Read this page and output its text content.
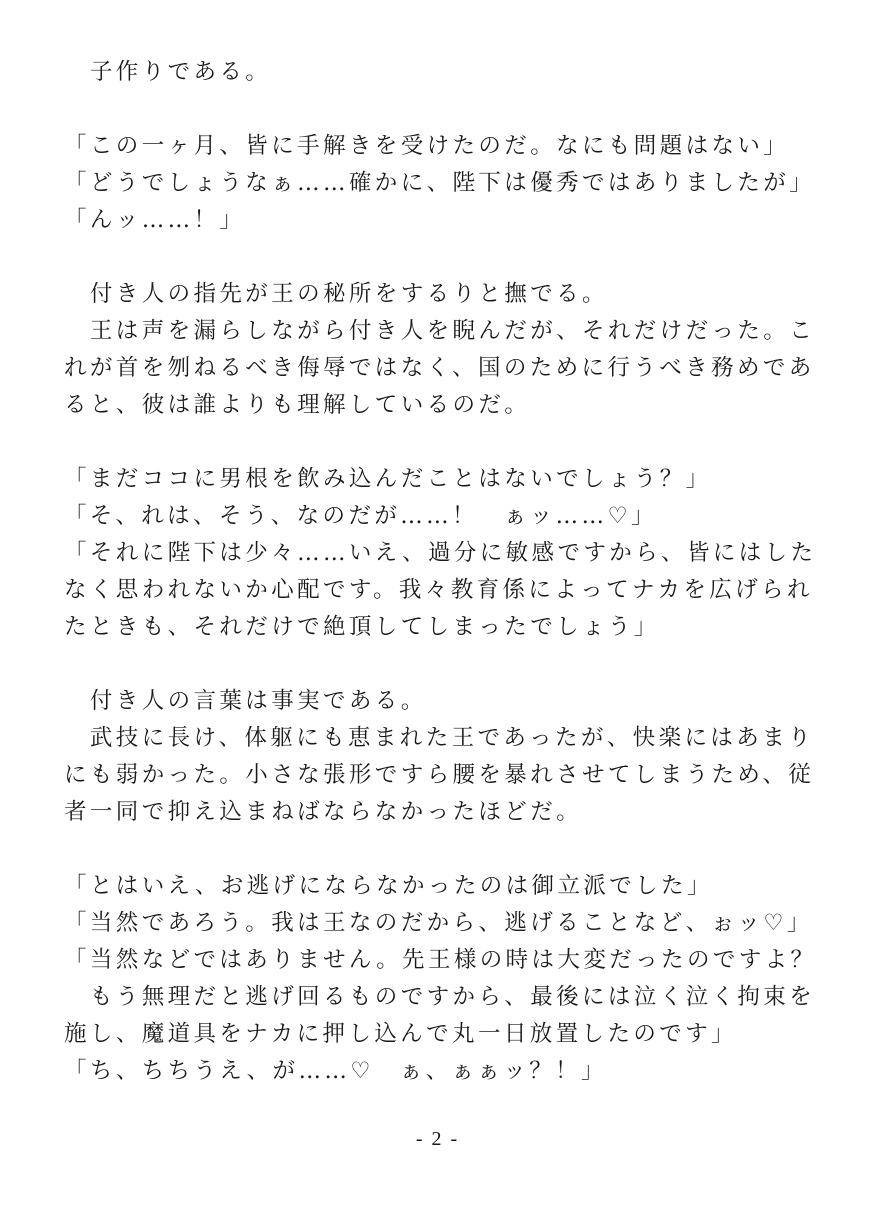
　子作りである。
「この一ヶ月、皆に手解きを受けたのだ。なにも問題はない」
「どうでしょうなぁ……確かに、陛下は優秀ではありましたが」
「んッ……！」
　付き人の指先が王の秘所をするりと撫でる。
　王は声を漏らしながら付き人を睨んだが、それだけだった。こ
れが首を刎ねるべき侮辱ではなく、国のために行うべき務めであ
ると、彼は誰よりも理解しているのだ。
「まだココに男根を飲み込んだことはないでしょう？」
「そ、れは、そう、なのだが……！　ぁッ……♡」
「それに陛下は少々……いえ、過分に敏感ですから、皆にはした
なく思われないか心配です。我々教育係によってナカを広げられ
たときも、それだけで絶頂してしまったでしょう」
　付き人の言葉は事実である。
　武技に長け、体躯にも恵まれた王であったが、快楽にはあまり
にも弱かった。小さな張形ですら腰を暴れさせてしまうため、従
者一同で抑え込まねばならなかったほどだ。
「とはいえ、お逃げにならなかったのは御立派でした」
「当然であろう。我は王なのだから、逃げることなど、ぉッ♡」
「当然などではありません。先王様の時は大変だったのですよ？
　もう無理だと逃げ回るものですから、最後には泣く泣く拘束を
施し、魔道具をナカに押し込んで丸一日放置したのです」
「ち、ちちうえ、が……♡　ぁ、ぁぁッ？！」
- 2 -
